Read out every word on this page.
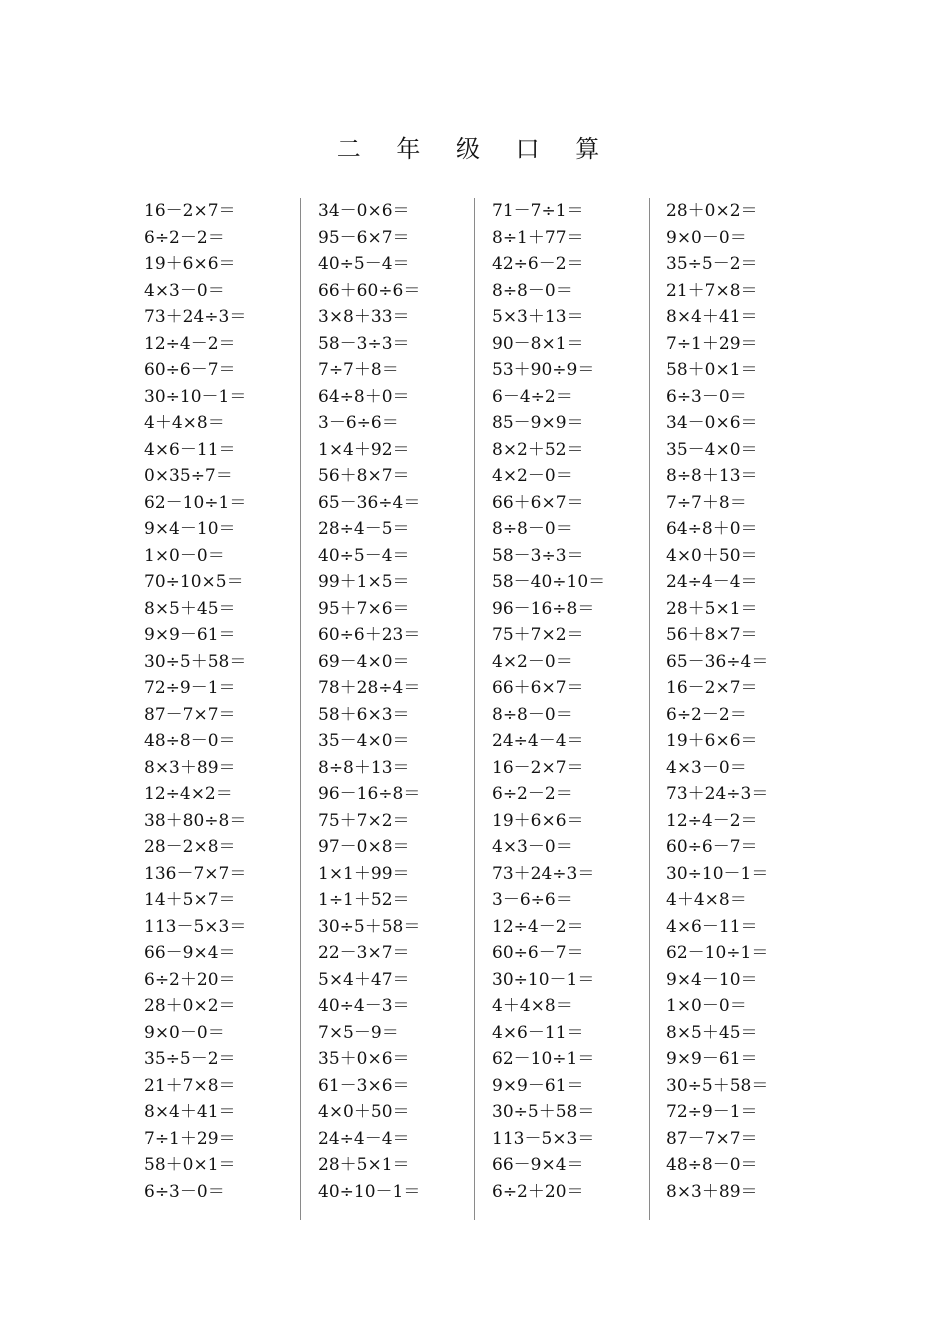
二 年 级 口 算
16－2×7＝
6÷2－2＝
19＋6×6＝
4×3－0＝
73＋24÷3＝
12÷4－2＝
60÷6－7＝
30÷10－1＝
4＋4×8＝
4×6－11＝
0×35÷7＝
62－10÷1＝
9×4－10＝
1×0－0＝
70÷10×5＝
8×5＋45＝
9×9－61＝
30÷5＋58＝
72÷9－1＝
87－7×7＝
48÷8－0＝
8×3＋89＝
12÷4×2＝
38＋80÷8＝
28－2×8＝
136－7×7＝
14＋5×7＝
113－5×3＝
66－9×4＝
6÷2＋20＝
28＋0×2＝
9×0－0＝
35÷5－2＝
21＋7×8＝
8×4＋41＝
7÷1＋29＝
58＋0×1＝
6÷3－0＝
34－0×6＝
95－6×7＝
40÷5－4＝
66＋60÷6＝
3×8＋33＝
58－3÷3＝
7÷7＋8＝
64÷8＋0＝
3－6÷6＝
1×4＋92＝
56＋8×7＝
65－36÷4＝
28÷4－5＝
40÷5－4＝
99＋1×5＝
95＋7×6＝
60÷6＋23＝
69－4×0＝
78＋28÷4＝
58＋6×3＝
35－4×0＝
8÷8＋13＝
96－16÷8＝
75＋7×2＝
97－0×8＝
1×1＋99＝
1÷1＋52＝
30÷5＋58＝
22－3×7＝
5×4＋47＝
40÷4－3＝
7×5－9＝
35＋0×6＝
61－3×6＝
4×0＋50＝
24÷4－4＝
28＋5×1＝
40÷10－1＝
71－7÷1＝
8÷1＋77＝
42÷6－2＝
8÷8－0＝
5×3＋13＝
90－8×1＝
53＋90÷9＝
6－4÷2＝
85－9×9＝
8×2＋52＝
4×2－0＝
66＋6×7＝
8÷8－0＝
58－3÷3＝
58－40÷10＝
96－16÷8＝
75＋7×2＝
4×2－0＝
66＋6×7＝
8÷8－0＝
24÷4－4＝
16－2×7＝
6÷2－2＝
19＋6×6＝
4×3－0＝
73＋24÷3＝
3－6÷6＝
12÷4－2＝
60÷6－7＝
30÷10－1＝
4＋4×8＝
4×6－11＝
62－10÷1＝
9×9－61＝
30÷5＋58＝
113－5×3＝
66－9×4＝
6÷2＋20＝
28＋0×2＝
9×0－0＝
35÷5－2＝
21＋7×8＝
8×4＋41＝
7÷1＋29＝
58＋0×1＝
6÷3－0＝
34－0×6＝
35－4×0＝
8÷8＋13＝
7÷7＋8＝
64÷8＋0＝
4×0＋50＝
24÷4－4＝
28＋5×1＝
56＋8×7＝
65－36÷4＝
16－2×7＝
6÷2－2＝
19＋6×6＝
4×3－0＝
73＋24÷3＝
12÷4－2＝
60÷6－7＝
30÷10－1＝
4＋4×8＝
4×6－11＝
62－10÷1＝
9×4－10＝
1×0－0＝
8×5＋45＝
9×9－61＝
30÷5＋58＝
72÷9－1＝
87－7×7＝
48÷8－0＝
8×3＋89＝
